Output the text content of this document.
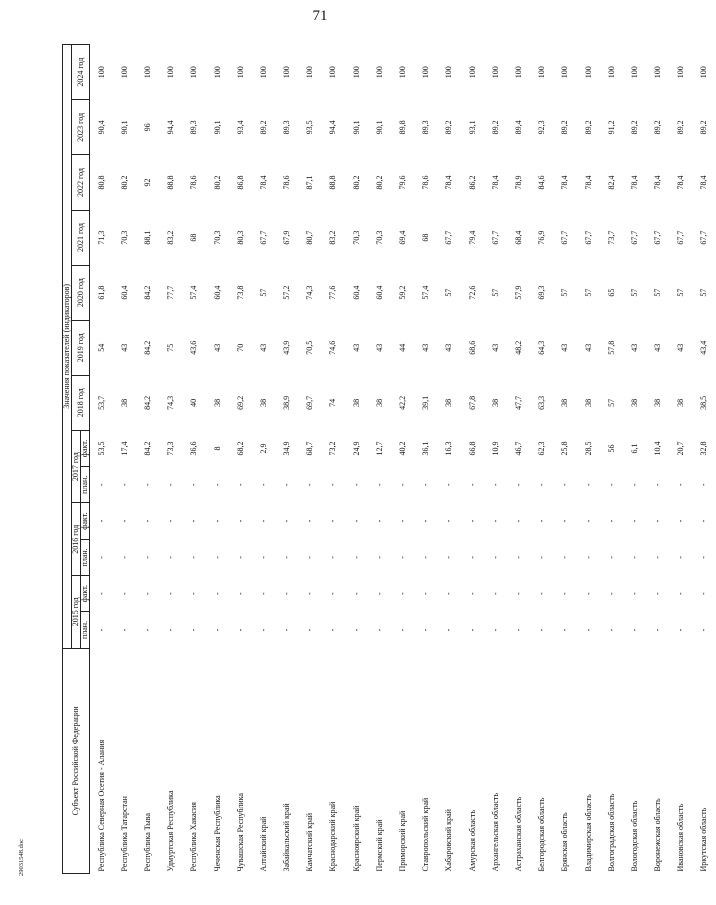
71
Субъект Российской Федерации	Значения показателей (индикаторов)												
	2015 год		2016 год		2017 год		2018 год	2019 год	2020 год	2021 год	2022 год	2023 год	2024 год
	план.	факт.	план.	факт.	план.	факт.							
Республика Северная Осетия - Алания	-	-	-	-	-	53,5	53,7	54	61,8	71,3	80,8	90,4	100
Республика Татарстан	-	-	-	-	-	17,4	38	43	60,4	70,3	80,2	90,1	100
Республика Тыва	-	-	-	-	-	84,2	84,2	84,2	84,2	88,1	92	96	100
Удмуртская Республика	-	-	-	-	-	73,3	74,3	75	77,7	83,2	88,8	94,4	100
Республика Хакасия	-	-	-	-	-	36,6	40	43,6	57,4	68	78,6	89,3	100
Чеченская Республика	-	-	-	-	-	8	38	43	60,4	70,3	80,2	90,1	100
Чувашская Республика	-	-	-	-	-	68,2	69,2	70	73,8	80,3	86,8	93,4	100
Алтайский край	-	-	-	-	-	2,9	38	43	57	67,7	78,4	89,2	100
Забайкальский край	-	-	-	-	-	34,9	38,9	43,9	57,2	67,9	78,6	89,3	100
Камчатский край	-	-	-	-	-	68,7	69,7	70,5	74,3	80,7	87,1	93,5	100
Краснодарский край	-	-	-	-	-	73,2	74	74,6	77,6	83,2	88,8	94,4	100
Красноярский край	-	-	-	-	-	24,9	38	43	60,4	70,3	80,2	90,1	100
Пермский край	-	-	-	-	-	12,7	38	43	60,4	70,3	80,2	90,1	100
Приморский край	-	-	-	-	-	40,2	42,2	44	59,2	69,4	79,6	89,8	100
Ставропольский край	-	-	-	-	-	36,1	39,1	43	57,4	68	78,6	89,3	100
Хабаровский край	-	-	-	-	-	16,3	38	43	57	67,7	78,4	89,2	100
Амурская область	-	-	-	-	-	66,8	67,8	68,6	72,6	79,4	86,2	93,1	100
Архангельская область	-	-	-	-	-	10,9	38	43	57	67,7	78,4	89,2	100
Астраханская область	-	-	-	-	-	46,7	47,7	48,2	57,9	68,4	78,9	89,4	100
Белгородская область	-	-	-	-	-	62,3	63,3	64,3	69,3	76,9	84,6	92,3	100
Брянская область	-	-	-	-	-	25,8	38	43	57	67,7	78,4	89,2	100
Владимирская область	-	-	-	-	-	28,5	38	43	57	67,7	78,4	89,2	100
Волгоградская область	-	-	-	-	-	56	57	57,8	65	73,7	82,4	91,2	100
Вологодская область	-	-	-	-	-	6,1	38	43	57	67,7	78,4	89,2	100
Воронежская область	-	-	-	-	-	10,4	38	43	57	67,7	78,4	89,2	100
Ивановская область	-	-	-	-	-	20,7	38	43	57	67,7	78,4	89,2	100
Иркутская область	-	-	-	-	-	32,8	38,5	43,4	57	67,7	78,4	89,2	100
29031548.doc
